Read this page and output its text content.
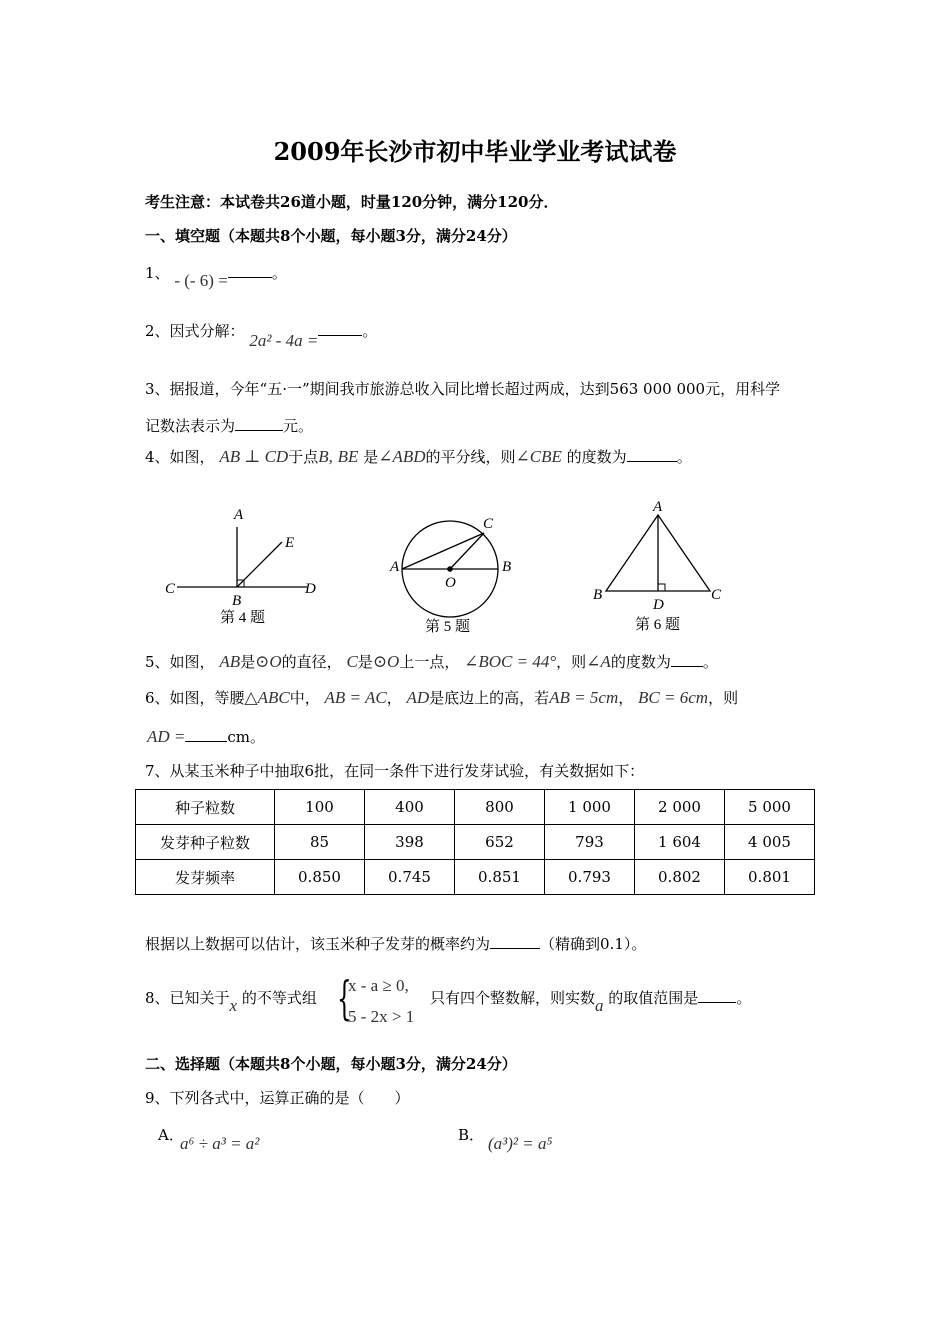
2009年长沙市初中毕业学业考试试卷
考生注意：本试卷共26道小题，时量120分钟，满分120分．
一、填空题（本题共8个小题，每小题3分，满分24分）
1、 - (- 6) =	。
2、因式分解： 2a² - 4a =	。
3、据报道，今年“五·一”期间我市旅游总收入同比增长超过两成，达到563 000 000元，用科学
记数法表示为	元。
4、如图， AB ⊥ CD于点B, BE 是∠ABD的平分线，则∠CBE 的度数为	。
A
E
C
B
D
第 4 题
C
A
O
B
第 5 题
A
B
D
C
第 6 题
5、如图， AB是⊙O的直径， C是⊙O上一点， ∠BOC = 44°，则∠A的度数为 。
6、如图，等腰△ABC中， AB = AC， AD是底边上的高，若AB = 5cm， BC = 6cm，则
AD =	cm。
7、从某玉米种子中抽取6批，在同一条件下进行发芽试验，有关数据如下：
种子粒数	100	400	800	1 000	2 000	5 000
发芽种子粒数	85	398	652	793	1 604	4 005
发芽频率	0.850	0.745	0.851	0.793	0.802	0.801
根据以上数据可以估计，该玉米种子发芽的概率约为	（精确到0.1）。
8、已知关于x 的不等式组 {
x - a ≥ 0,
5 - 2x > 1
只有四个整数解，则实数a 的取值范围是	。
二、选择题（本题共8个小题，每小题3分，满分24分）
9、下列各式中，运算正确的是（　　）
A．
a⁶ ÷ a³ = a²	B． (a³)² = a⁵
